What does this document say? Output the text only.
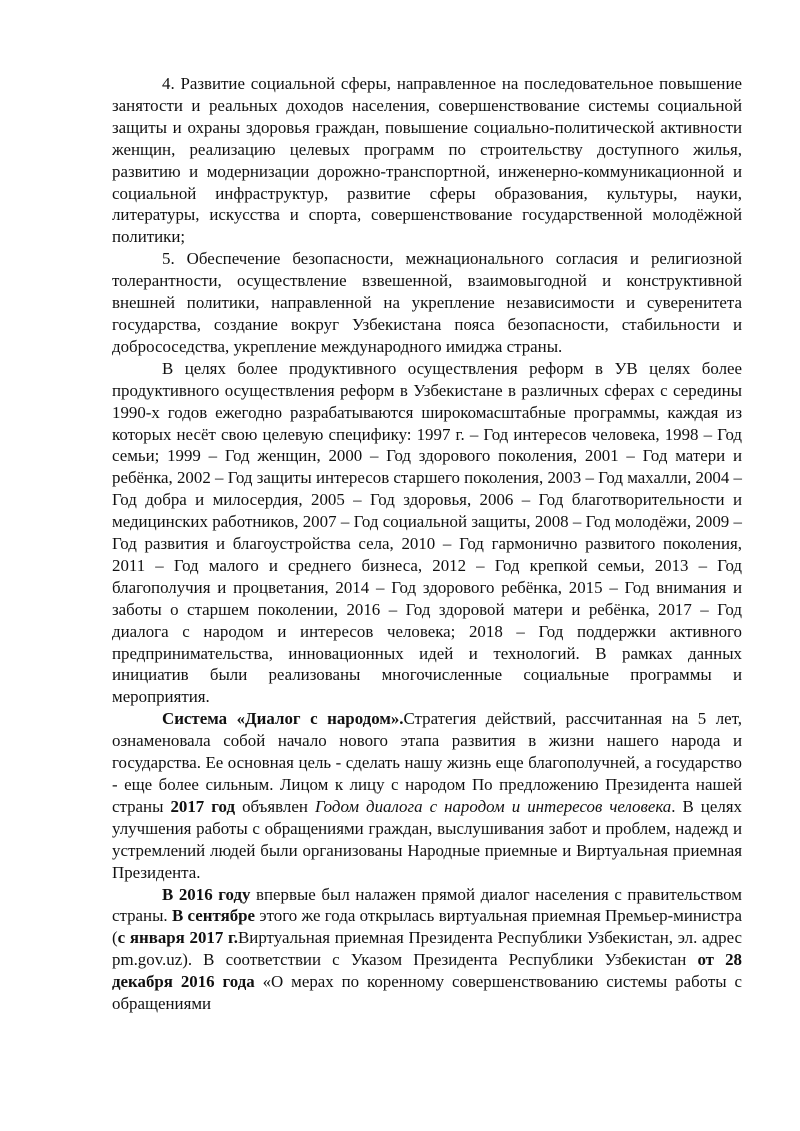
4. Развитие социальной сферы, направленное на последовательное повышение занятости и реальных доходов населения, совершенствование системы социальной защиты и охраны здоровья граждан, повышение социально-политической активности женщин, реализацию целевых программ по строительству доступного жилья, развитию и модернизации дорожно-транспортной, инженерно-коммуникационной и социальной инфраструктур, развитие сферы образования, культуры, науки, литературы, искусства и спорта, совершенствование государственной молодёжной политики;

5. Обеспечение безопасности, межнационального согласия и религиозной толерантности, осуществление взвешенной, взаимовыгодной и конструктивной внешней политики, направленной на укрепление независимости и суверенитета государства, создание вокруг Узбекистана пояса безопасности, стабильности и добрососедства, укрепление международного имиджа страны.

В целях более продуктивного осуществления реформ в УВ целях более продуктивного осуществления реформ в Узбекистане в различных сферах с середины 1990-х годов ежегодно разрабатываются широкомасштабные программы, каждая из которых несёт свою целевую специфику: 1997 г. – Год интересов человека, 1998 – Год семьи; 1999 – Год женщин, 2000 – Год здорового поколения, 2001 – Год матери и ребёнка, 2002 – Год защиты интересов старшего поколения, 2003 – Год махалли, 2004 – Год добра и милосердия, 2005 – Год здоровья, 2006 – Год благотворительности и медицинских работников, 2007 – Год социальной защиты, 2008 – Год молодёжи, 2009 – Год развития и благоустройства села, 2010 – Год гармонично развитого поколения, 2011 – Год малого и среднего бизнеса, 2012 – Год крепкой семьи, 2013 – Год благополучия и процветания, 2014 – Год здорового ребёнка, 2015 – Год внимания и заботы о старшем поколении, 2016 – Год здоровой матери и ребёнка, 2017 – Год диалога с народом и интересов человека; 2018 – Год поддержки активного предпринимательства, инновационных идей и технологий. В рамках данных инициатив были реализованы многочисленные социальные программы и мероприятия.

Система «Диалог с народом».Стратегия действий, рассчитанная на 5 лет, ознаменовала собой начало нового этапа развития в жизни нашего народа и государства. Ее основная цель - сделать нашу жизнь еще благополучней, а государство - еще более сильным. Лицом к лицу с народом По предложению Президента нашей страны 2017 год объявлен Годом диалога с народом и интересов человека. В целях улучшения работы с обращениями граждан, выслушивания забот и проблем, надежд и устремлений людей были организованы Народные приемные и Виртуальная приемная Президента.

В 2016 году впервые был налажен прямой диалог населения с правительством страны. В сентябре этого же года открылась виртуальная приемная Премьер-министра (с января 2017 г.Виртуальная приемная Президента Республики Узбекистан, эл. адрес pm.gov.uz). В соответствии с Указом Президента Республики Узбекистан от 28 декабря 2016 года «О мерах по коренному совершенствованию системы работы с обращениями
